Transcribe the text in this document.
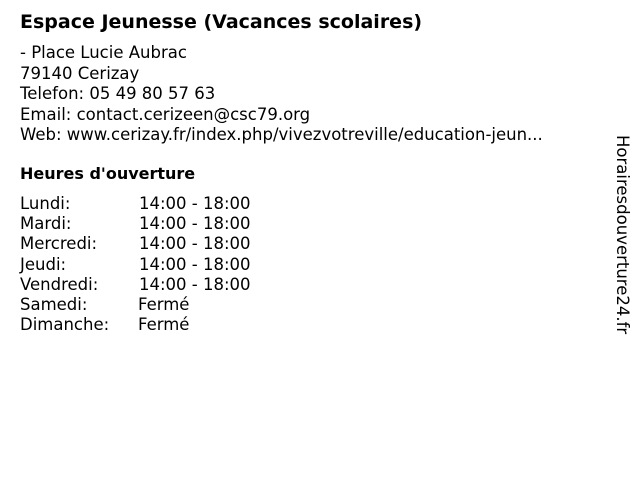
Espace Jeunesse (Vacances scolaires)
- Place Lucie Aubrac
79140 Cerizay
Telefon: 05 49 80 57 63
Email: contact.cerizeen@csc79.org
Web: www.cerizay.fr/index.php/vivezvotreville/education-jeun...
Heures d'ouverture
Lundi:	14:00 - 18:00
Mardi:	14:00 - 18:00
Mercredi:	14:00 - 18:00
Jeudi:	14:00 - 18:00
Vendredi: 14:00 - 18:00
Samedi:	Fermé
Dimanche: Fermé	Horairesdouverture24.fr
